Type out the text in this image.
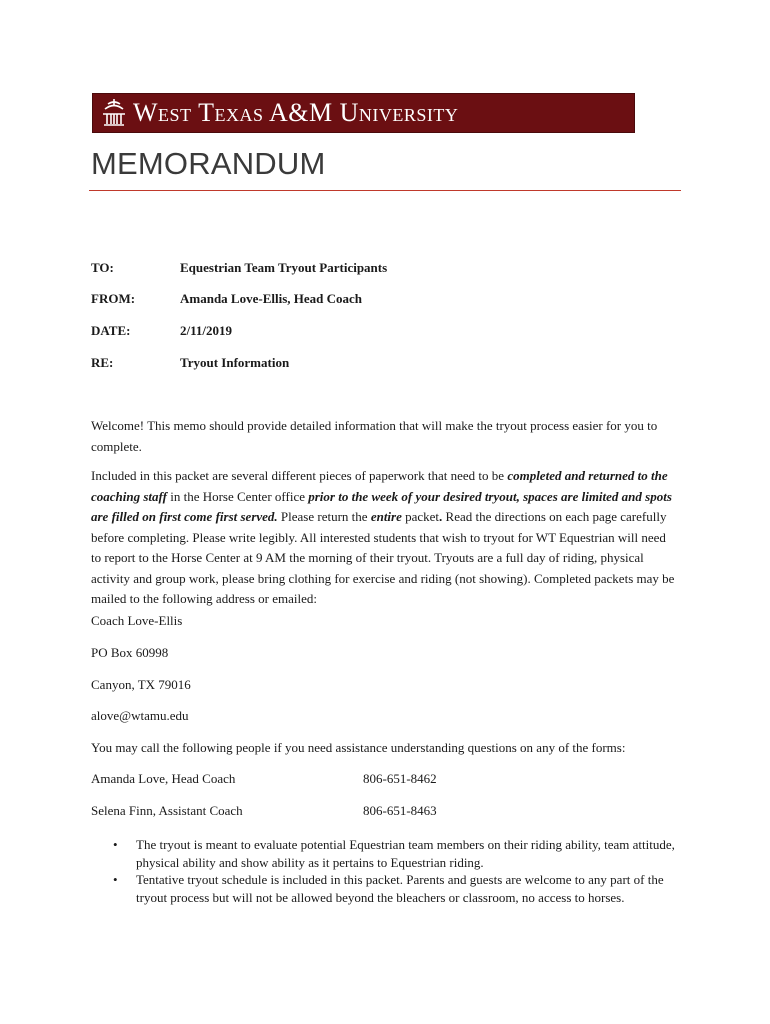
West Texas A&M University
MEMORANDUM
TO:	Equestrian Team Tryout Participants
FROM:	Amanda Love-Ellis, Head Coach
DATE:	2/11/2019
RE:	Tryout Information

Welcome! This memo should provide detailed information that will make the tryout process easier for you to complete.

Included in this packet are several different pieces of paperwork that need to be completed and returned to the coaching staff in the Horse Center office prior to the week of your desired tryout, spaces are limited and spots are filled on first come first served. Please return the entire packet. Read the directions on each page carefully before completing. Please write legibly. All interested students that wish to tryout for WT Equestrian will need to report to the Horse Center at 9 AM the morning of their tryout. Tryouts are a full day of riding, physical activity and group work, please bring clothing for exercise and riding (not showing). Completed packets may be mailed to the following address or emailed:

Coach Love-Ellis
PO Box 60998
Canyon, TX 79016
alove@wtamu.edu
You may call the following people if you need assistance understanding questions on any of the forms:
Amanda Love, Head Coach	806-651-8462
Selena Finn, Assistant Coach	806-651-8463
• The tryout is meant to evaluate potential Equestrian team members on their riding ability, team attitude, physical ability and show ability as it pertains to Equestrian riding.
• Tentative tryout schedule is included in this packet. Parents and guests are welcome to any part of the tryout process but will not be allowed beyond the bleachers or classroom, no access to horses.
